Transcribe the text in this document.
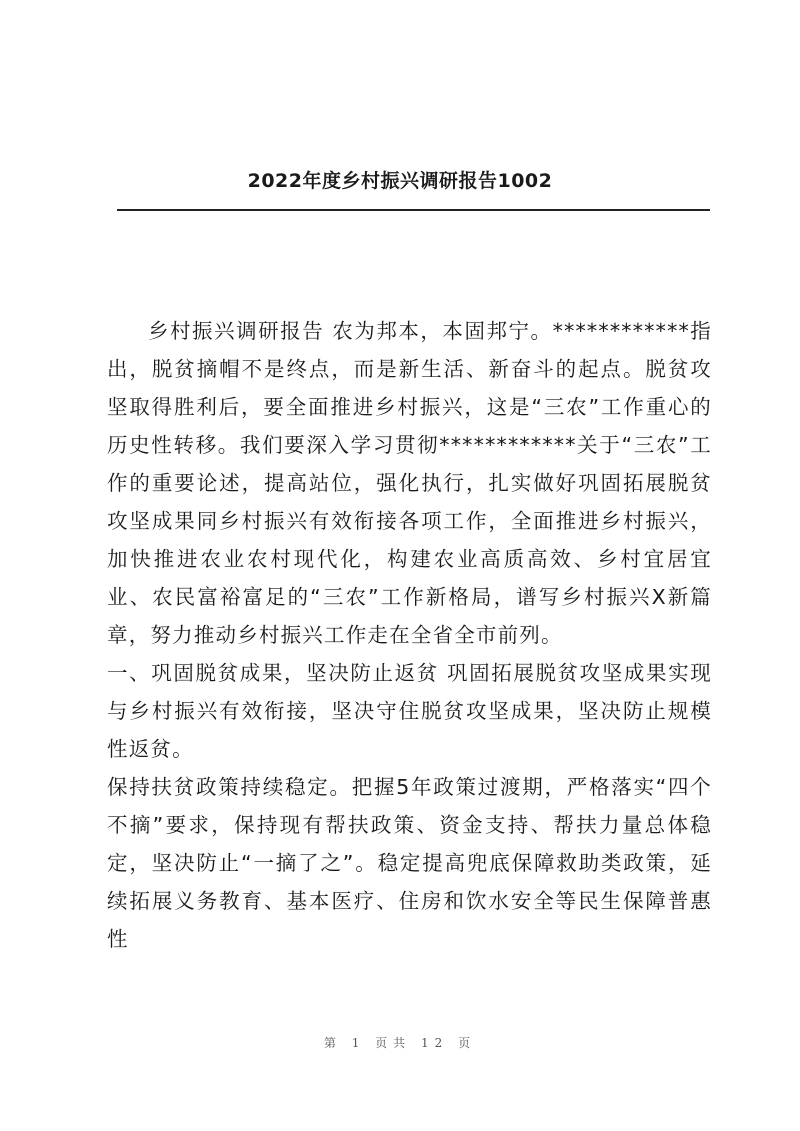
2022年度乡村振兴调研报告1002

乡村振兴调研报告 农为邦本，本固邦宁。************指出，脱贫摘帽不是终点，而是新生活、新奋斗的起点。脱贫攻坚取得胜利后，要全面推进乡村振兴，这是“三农”工作重心的历史性转移。我们要深入学习贯彻************关于“三农”工作的重要论述，提高站位，强化执行，扎实做好巩固拓展脱贫攻坚成果同乡村振兴有效衔接各项工作，全面推进乡村振兴，加快推进农业农村现代化，构建农业高质高效、乡村宜居宜业、农民富裕富足的“三农”工作新格局，谱写乡村振兴X新篇章，努力推动乡村振兴工作走在全省全市前列。

一、巩固脱贫成果，坚决防止返贫 巩固拓展脱贫攻坚成果实现与乡村振兴有效衔接，坚决守住脱贫攻坚成果，坚决防止规模性返贫。

保持扶贫政策持续稳定。把握5年政策过渡期，严格落实“四个不摘”要求，保持现有帮扶政策、资金支持、帮扶力量总体稳定，坚决防止“一摘了之”。稳定提高兜底保障救助类政策，延续拓展义务教育、基本医疗、住房和饮水安全等民生保障普惠性

第 1 页共 12 页
